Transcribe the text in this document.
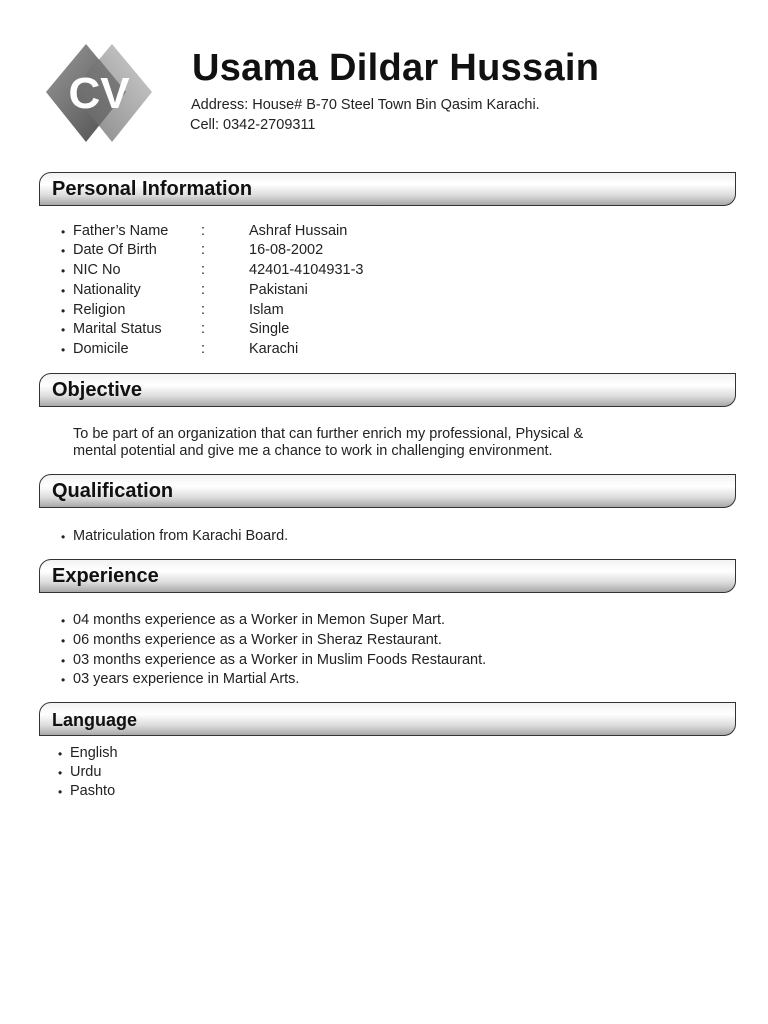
CV
Usama Dildar Hussain
Address: House# B-70 Steel Town Bin Qasim Karachi.
Cell: 0342-2709311
Personal Information
• Father’s Name :	Ashraf Hussain
• Date Of Birth	:	16-08-2002
• NIC No	:	42401-4104931-3
• Nationality	:	Pakistani
• Religion	:	Islam
• Marital Status	:	Single
• Domicile	:	Karachi
Objective
To be part of an organization that can further enrich my professional, Physical &
mental potential and give me a chance to work in challenging environment.
Qualification
• Matriculation from Karachi Board.
Experience
• 04 months experience as a Worker in Memon Super Mart.
• 06 months experience as a Worker in Sheraz Restaurant.
• 03 months experience as a Worker in Muslim Foods Restaurant.
• 03 years experience in Martial Arts.
Language
• English
• Urdu
• Pashto
